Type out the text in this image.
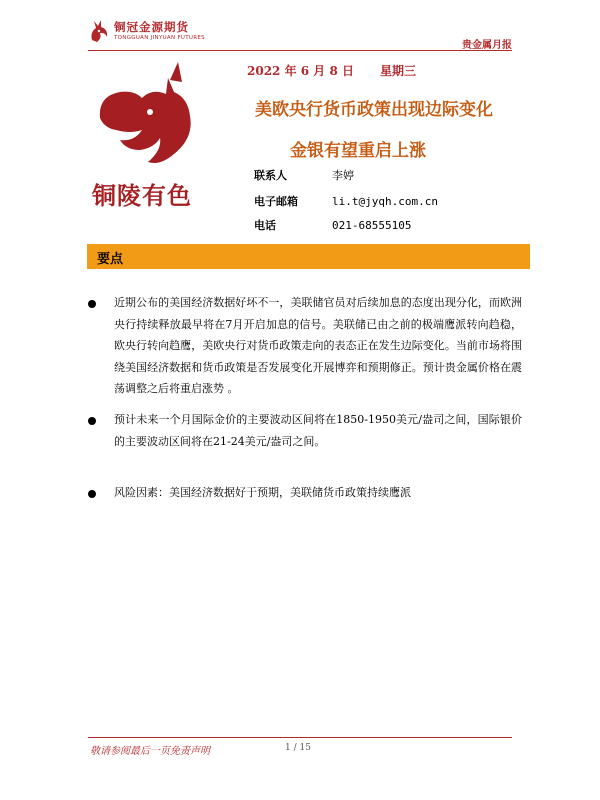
铜冠金源期货
TONGGUAN JINYUAN FUTURES
贵金属月报
铜陵有色
2022 年 6 月 8 日 星期三
美欧央行货币政策出现边际变化
金银有望重启上涨
联系人	李婷
电子邮箱	li.t@jyqh.com.cn
电话	021-68555105
要点
近期公布的美国经济数据好坏不一，美联储官员对后续加息的态度出现分化，而欧洲央行持续释放最早将在7月开启加息的信号。美联储已由之前的极端鹰派转向趋稳，欧央行转向趋鹰，美欧央行对货币政策走向的表态正在发生边际变化。当前市场将围绕美国经济数据和货币政策是否发展变化开展博弈和预期修正。预计贵金属价格在震荡调整之后将重启涨势 。
预计未来一个月国际金价的主要波动区间将在1850-1950美元/盎司之间，国际银价的主要波动区间将在21-24美元/盎司之间。
风险因素：美国经济数据好于预期，美联储货币政策持续鹰派
敬请参阅最后一页免责声明	1 / 15
